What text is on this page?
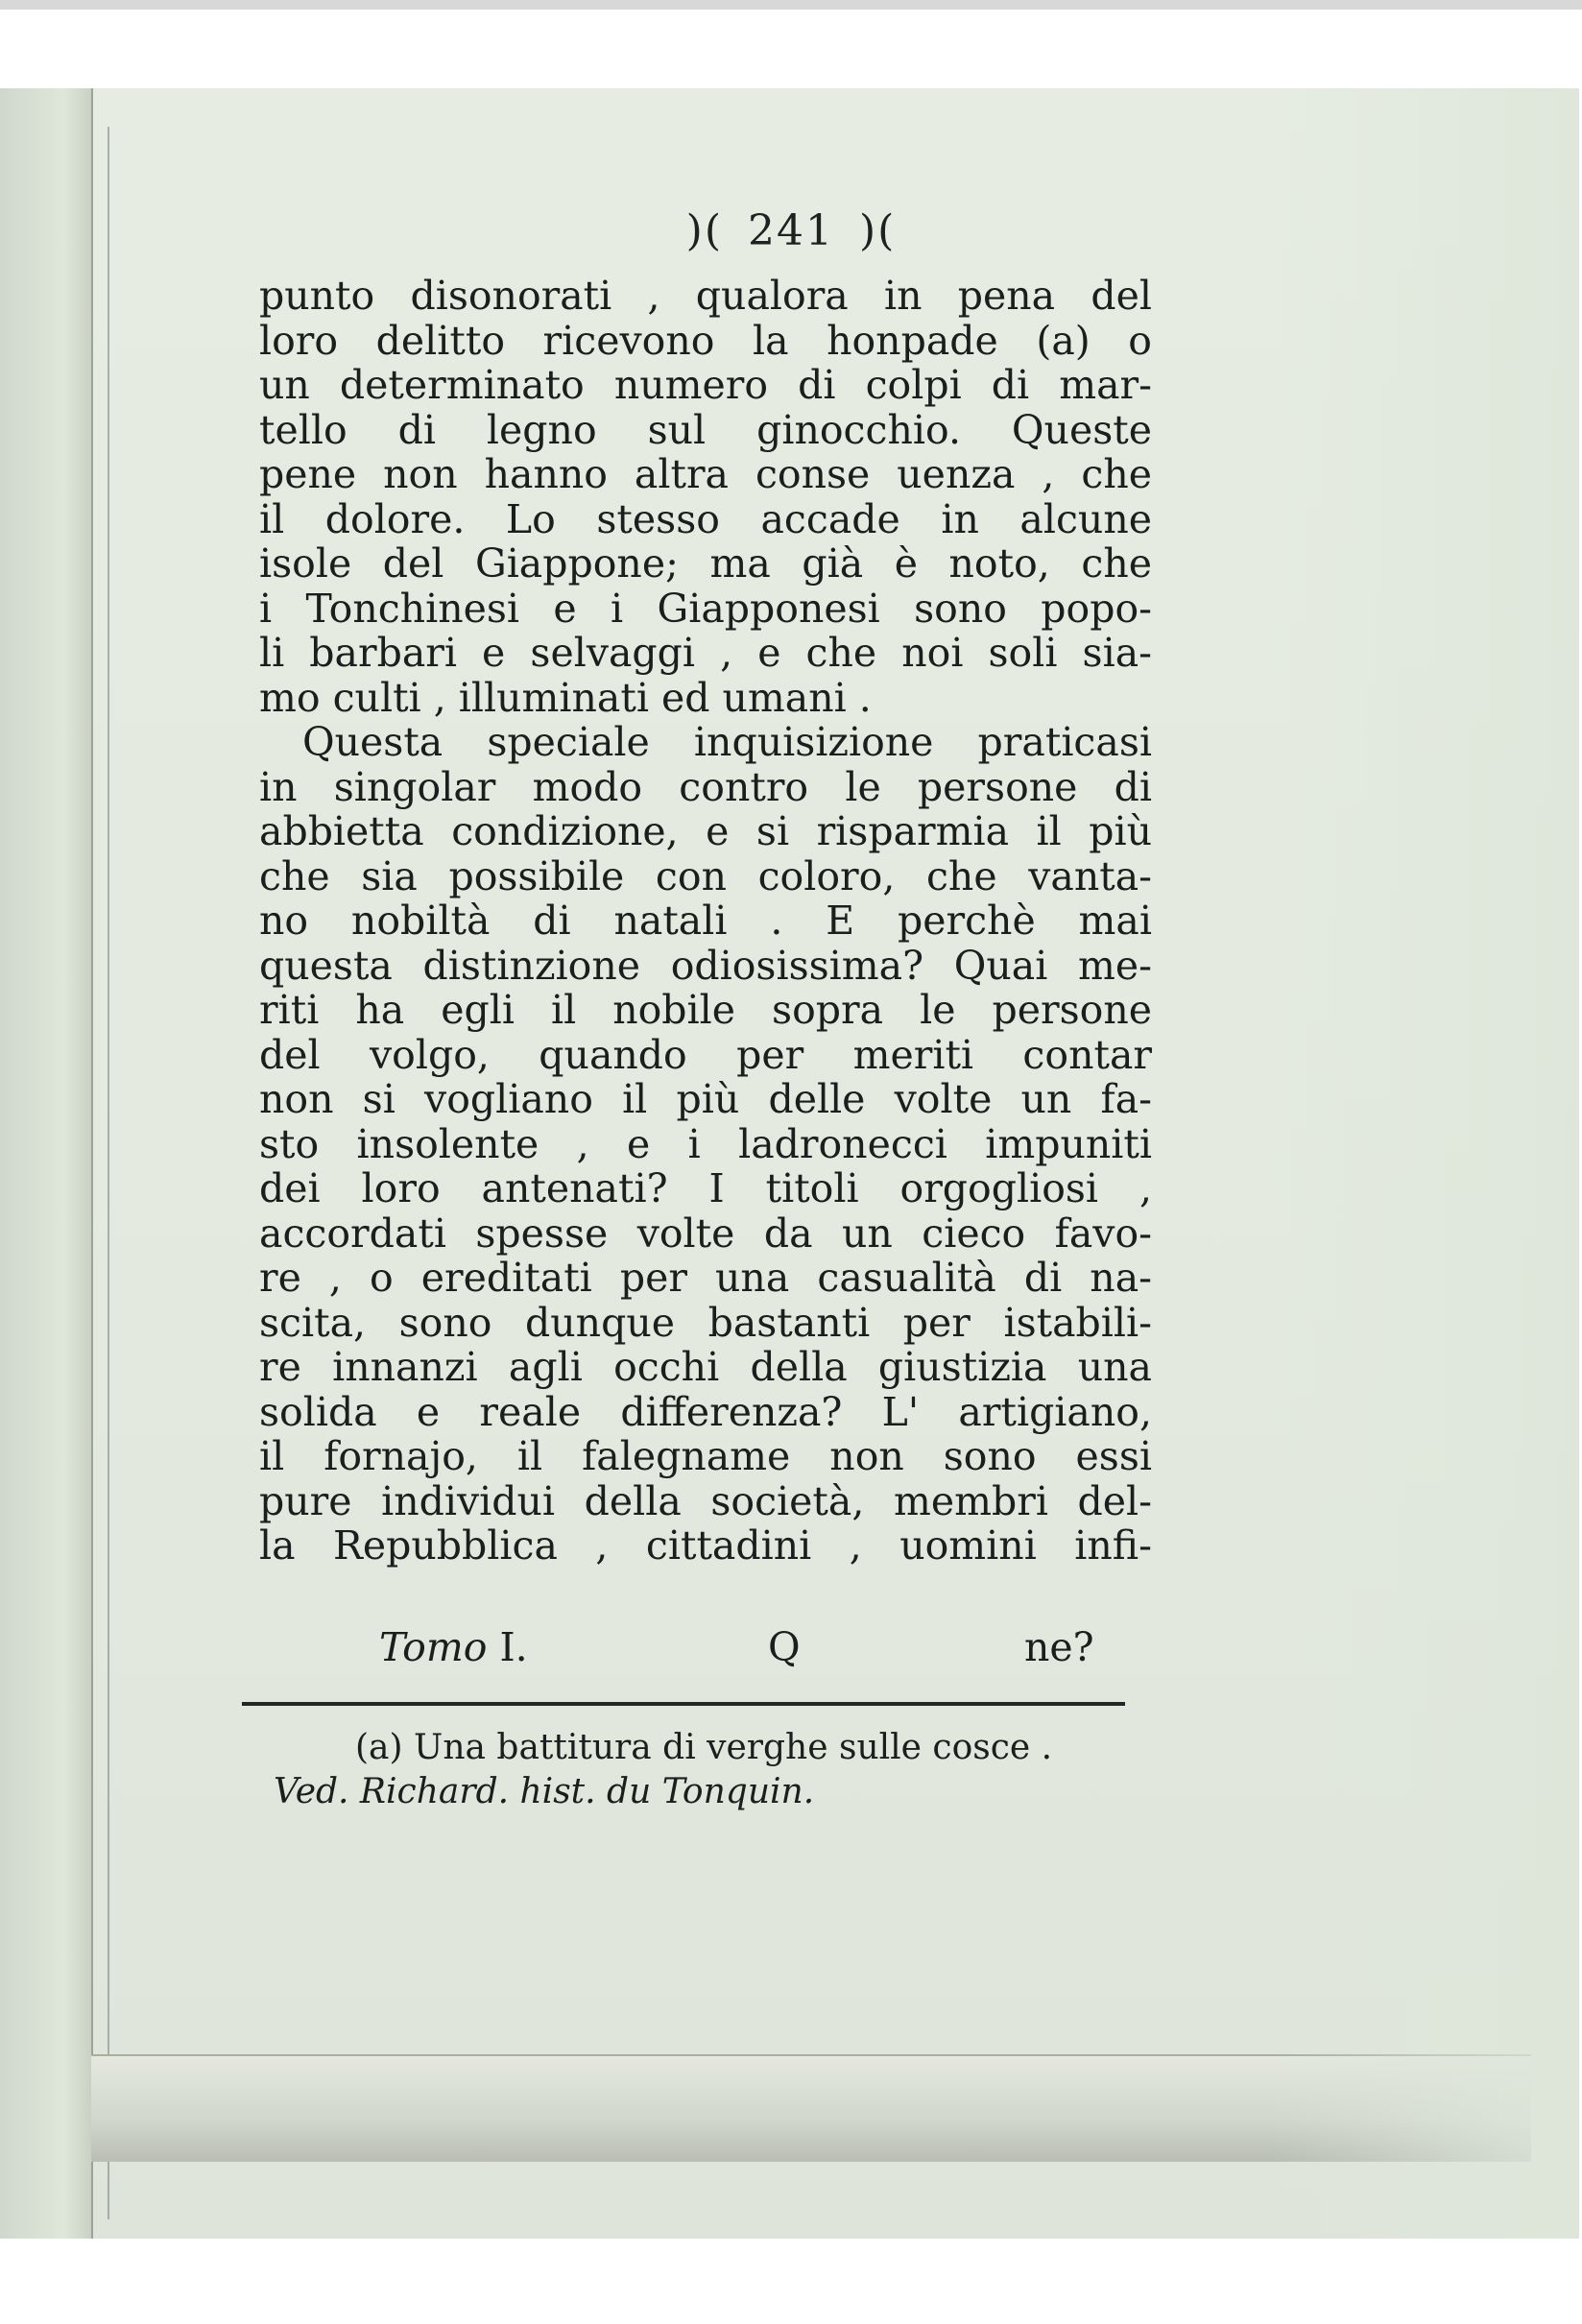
)( 241 )(
punto disonorati , qualora in pena del
loro delitto ricevono la honpade (a) o
un determinato numero di colpi di mar-
tello di legno sul ginocchio. Queste
pene non hanno altra conse uenza , che
il dolore. Lo stesso accade in alcune
isole del Giappone; ma già è noto, che
i Tonchinesi e i Giapponesi sono popo-
li barbari e selvaggi , e che noi soli sia-
mo culti , illuminati ed umani .
Questa speciale inquisizione praticasi
in singolar modo contro le persone di
abbietta condizione, e si risparmia il più
che sia possibile con coloro, che vanta-
no nobiltà di natali . E perchè mai
questa distinzione odiosissima? Quai me-
riti ha egli il nobile sopra le persone
del volgo, quando per meriti contar
non si vogliano il più delle volte un fa-
sto insolente , e i ladronecci impuniti
dei loro antenati? I titoli orgogliosi ,
accordati spesse volte da un cieco favo-
re , o ereditati per una casualità di na-
scita, sono dunque bastanti per istabili-
re innanzi agli occhi della giustizia una
solida e reale differenza? L' artigiano,
il fornajo, il falegname non sono essi
pure individui della società, membri del-
la Repubblica , cittadini , uomini infi-
Tomo I.	Q	ne?
(a) Una battitura di verghe sulle cosce .
Ved. Richard. hist. du Tonquin.
